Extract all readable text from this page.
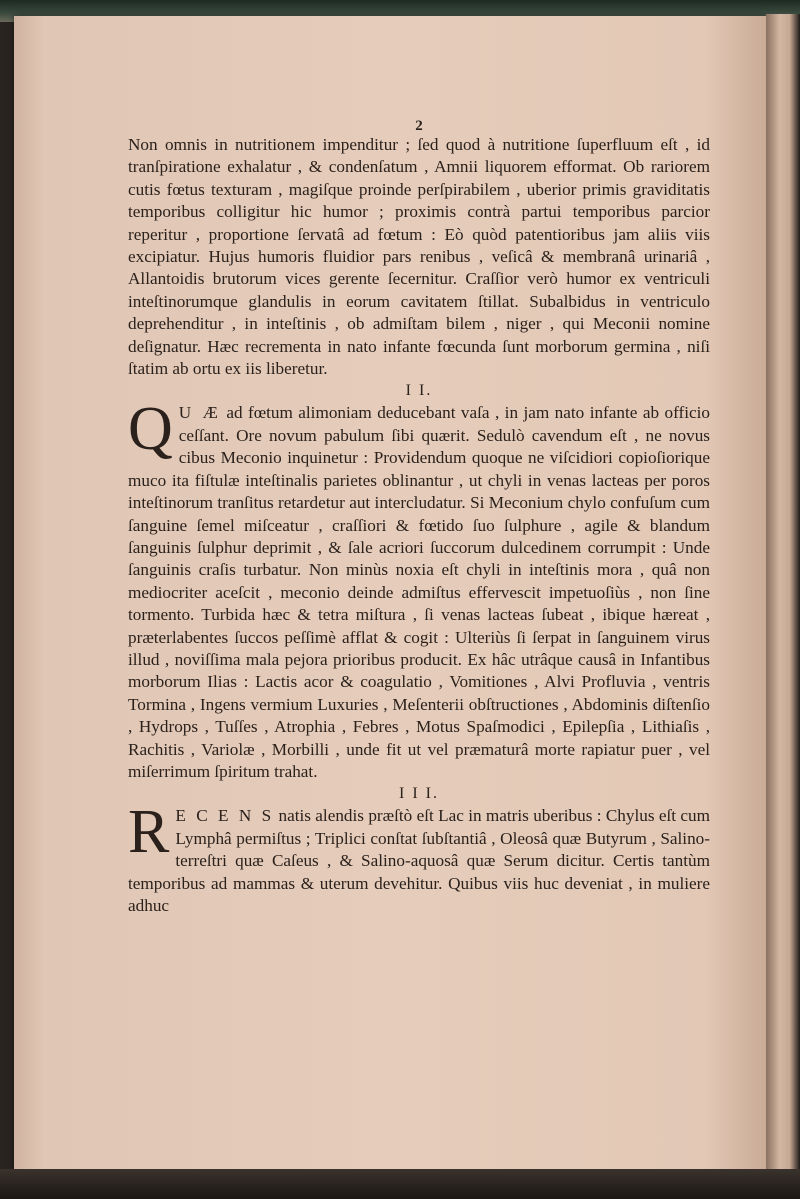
2

Non omnis in nutritionem impenditur ; ſed quod à nutritione ſuperfluum eſt , id tranſpiratione exhalatur , & condenſatum , Amnii liquorem efformat. Ob rariorem cutis fœtus texturam , magiſque proinde perſpirabilem , uberior primis graviditatis temporibus colligitur hic humor ; proximis contrà partui temporibus parcior reperitur , proportione ſervatâ ad fœtum : Eò quòd patentioribus jam aliis viis excipiatur. Hujus humoris fluidior pars renibus , veſicâ & membranâ urinariâ , Allantoidis brutorum vices gerente ſecernitur. Craſſior verò humor ex ventriculi inteſtinorumque glandulis in eorum cavitatem ſtillat. Subalbidus in ventriculo deprehenditur , in inteſtinis , ob admiſtam bilem , niger , qui Meconii nomine deſignatur. Hæc recrementa in nato infante fœcunda ſunt morborum germina , niſi ſtatim ab ortu ex iis liberetur.

I I.

Q U Æ ad fœtum alimoniam deducebant vaſa , in jam nato infante ab officio ceſſant. Ore novum pabulum ſibi quærit. Sedulò cavendum eſt , ne novus cibus Meconio inquinetur : Providendum quoque ne viſcidiori copioſiorique muco ita fiſtulæ inteſtinalis parietes oblinantur , ut chyli in venas lacteas per poros inteſtinorum tranſitus retardetur aut intercludatur. Si Meconium chylo confuſum cum ſanguine ſemel miſceatur , craſſiori & fœtido ſuo ſulphure , agile & blandum ſanguinis ſulphur deprimit , & ſale acriori ſuccorum dulcedinem corrumpit : Unde ſanguinis craſis turbatur. Non minùs noxia eſt chyli in inteſtinis mora , quâ non mediocriter aceſcit , meconio deinde admiſtus effervescit impetuoſiùs , non ſine tormento. Turbida hæc & tetra miſtura , ſi venas lacteas ſubeat , ibique hæreat , præterlabentes ſuccos peſſimè afflat & cogit : Ulteriùs ſi ſerpat in ſanguinem virus illud , noviſſima mala pejora prioribus producit. Ex hâc utrâque causâ in Infantibus morborum Ilias : Lactis acor & coagulatio , Vomitiones , Alvi Profluvia , ventris Tormina , Ingens vermium Luxuries , Meſenterii obſtructiones , Abdominis diſtenſio , Hydrops , Tuſſes , Atrophia , Febres , Motus Spaſmodici , Epilepſia , Lithiaſis , Rachitis , Variolæ , Morbilli , unde fit ut vel præmaturâ morte rapiatur puer , vel miſerrimum ſpiritum trahat.

I I I.

R E C E N S natis alendis præſtò eſt Lac in matris uberibus : Chylus eſt cum Lymphâ permiſtus ; Triplici conſtat ſubſtantiâ , Oleosâ quæ Butyrum , Salino-terreſtri quæ Caſeus , & Salino-aquosâ quæ Serum dicitur. Certis tantùm temporibus ad mammas & uterum devehitur. Quibus viis huc deveniat , in muliere adhuc
